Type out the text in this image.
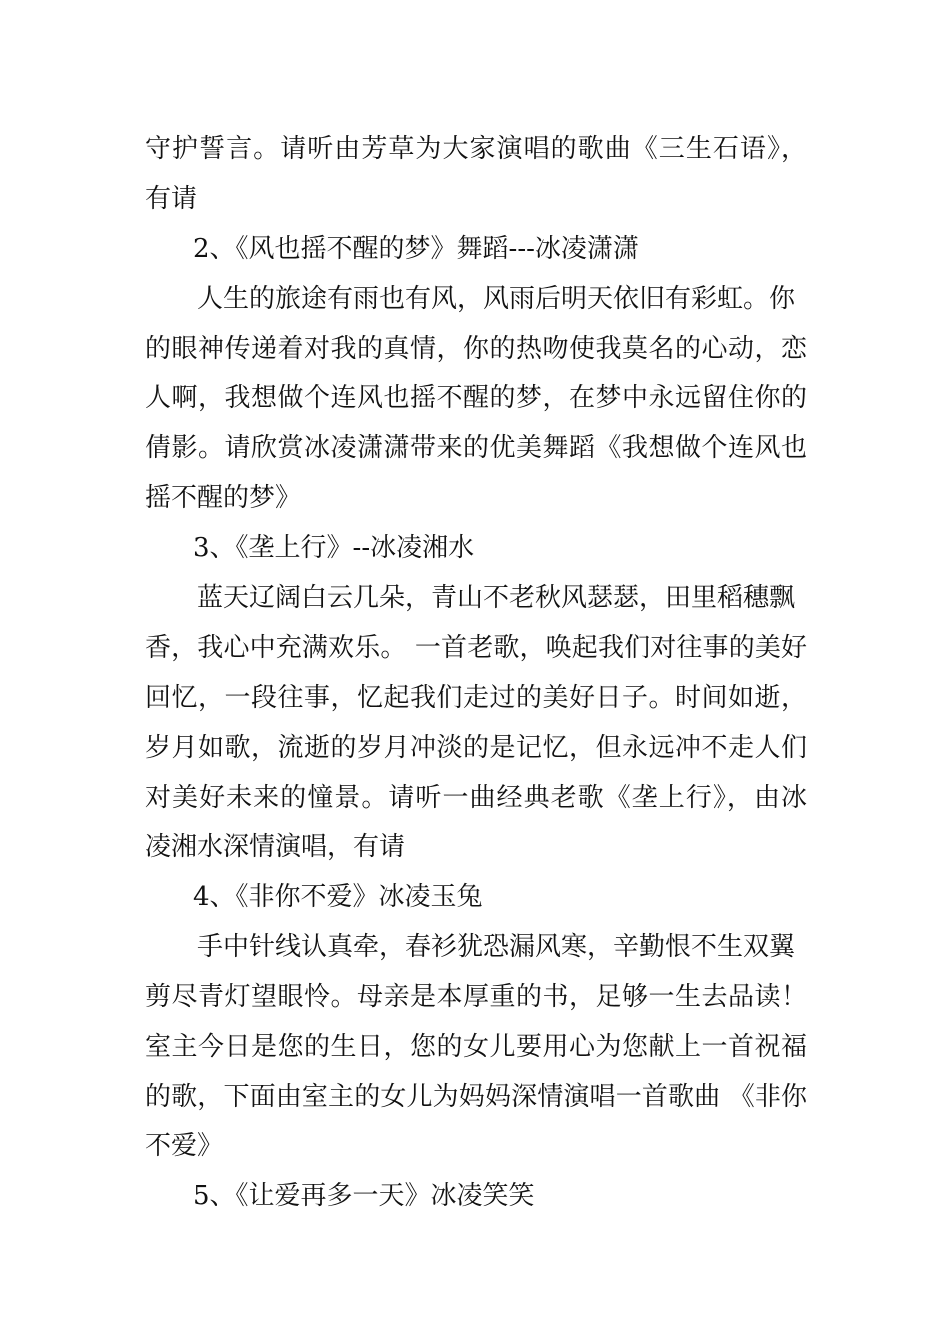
守护誓言。请听由芳草为大家演唱的歌曲《三生石语》，
有请
2、《风也摇不醒的梦》舞蹈---冰凌潇潇
人生的旅途有雨也有风，风雨后明天依旧有彩虹。你
的眼神传递着对我的真情，你的热吻使我莫名的心动，恋
人啊，我想做个连风也摇不醒的梦，在梦中永远留住你的
倩影。请欣赏冰凌潇潇带来的优美舞蹈《我想做个连风也
摇不醒的梦》
3、《垄上行》--冰凌湘水
蓝天辽阔白云几朵，青山不老秋风瑟瑟，田里稻穗飘
香，我心中充满欢乐。 一首老歌，唤起我们对往事的美好
回忆，一段往事，忆起我们走过的美好日子。时间如逝，
岁月如歌，流逝的岁月冲淡的是记忆，但永远冲不走人们
对美好未来的憧景。请听一曲经典老歌《垄上行》，由冰
凌湘水深情演唱，有请
4、《非你不爱》冰凌玉兔
手中针线认真牵，春衫犹恐漏风寒，辛勤恨不生双翼
剪尽青灯望眼怜。母亲是本厚重的书，足够一生去品读！
室主今日是您的生日，您的女儿要用心为您献上一首祝福
的歌，下面由室主的女儿为妈妈深情演唱一首歌曲 《非你
不爱》
5、《让爱再多一天》冰凌笑笑
